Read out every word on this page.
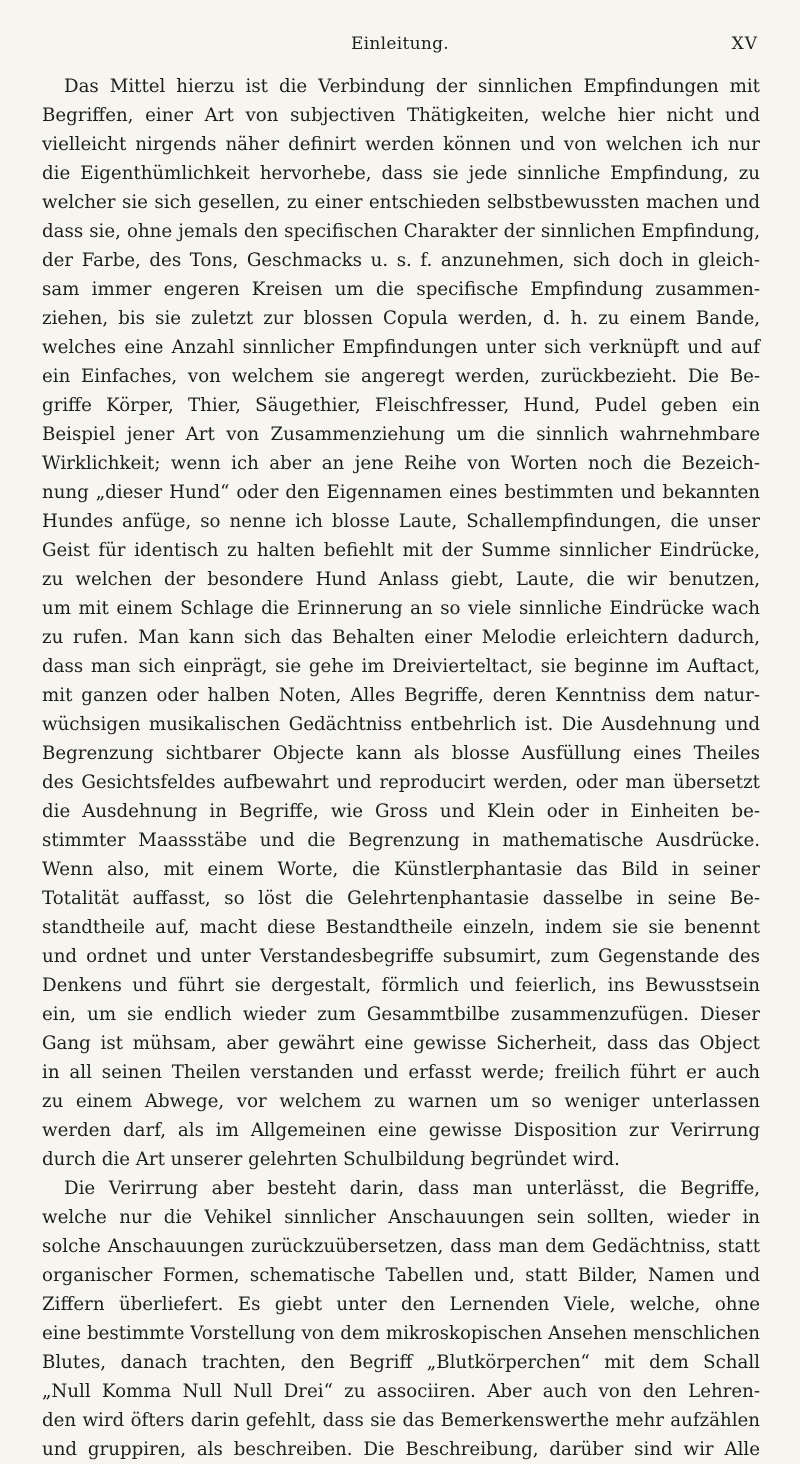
Einleitung.	XV
Das Mittel hierzu ist die Verbindung der sinnlichen Empfindungen mit
Begriffen, einer Art von subjectiven Thätigkeiten, welche hier nicht und
vielleicht nirgends näher definirt werden können und von welchen ich nur
die Eigenthümlichkeit hervorhebe, dass sie jede sinnliche Empfindung, zu
welcher sie sich gesellen, zu einer entschieden selbstbewussten machen und
dass sie, ohne jemals den specifischen Charakter der sinnlichen Empfindung,
der Farbe, des Tons, Geschmacks u. s. f. anzunehmen, sich doch in gleich-
sam immer engeren Kreisen um die specifische Empfindung zusammen-
ziehen, bis sie zuletzt zur blossen Copula werden, d. h. zu einem Bande,
welches eine Anzahl sinnlicher Empfindungen unter sich verknüpft und auf
ein Einfaches, von welchem sie angeregt werden, zurückbezieht. Die Be-
griffe Körper, Thier, Säugethier, Fleischfresser, Hund, Pudel geben ein
Beispiel jener Art von Zusammenziehung um die sinnlich wahrnehmbare
Wirklichkeit; wenn ich aber an jene Reihe von Worten noch die Bezeich-
nung „dieser Hund“ oder den Eigennamen eines bestimmten und bekannten
Hundes anfüge, so nenne ich blosse Laute, Schallempfindungen, die unser
Geist für identisch zu halten befiehlt mit der Summe sinnlicher Eindrücke,
zu welchen der besondere Hund Anlass giebt, Laute, die wir benutzen,
um mit einem Schlage die Erinnerung an so viele sinnliche Eindrücke wach
zu rufen. Man kann sich das Behalten einer Melodie erleichtern dadurch,
dass man sich einprägt, sie gehe im Dreivierteltact, sie beginne im Auftact,
mit ganzen oder halben Noten, Alles Begriffe, deren Kenntniss dem natur-
wüchsigen musikalischen Gedächtniss entbehrlich ist. Die Ausdehnung und
Begrenzung sichtbarer Objecte kann als blosse Ausfüllung eines Theiles
des Gesichtsfeldes aufbewahrt und reproducirt werden, oder man übersetzt
die Ausdehnung in Begriffe, wie Gross und Klein oder in Einheiten be-
stimmter Maassstäbe und die Begrenzung in mathematische Ausdrücke.
Wenn also, mit einem Worte, die Künstlerphantasie das Bild in seiner
Totalität auffasst, so löst die Gelehrtenphantasie dasselbe in seine Be-
standtheile auf, macht diese Bestandtheile einzeln, indem sie sie benennt
und ordnet und unter Verstandesbegriffe subsumirt, zum Gegenstande des
Denkens und führt sie dergestalt, förmlich und feierlich, ins Bewusstsein
ein, um sie endlich wieder zum Gesammtbilbe zusammenzufügen. Dieser
Gang ist mühsam, aber gewährt eine gewisse Sicherheit, dass das Object
in all seinen Theilen verstanden und erfasst werde; freilich führt er auch
zu einem Abwege, vor welchem zu warnen um so weniger unterlassen
werden darf, als im Allgemeinen eine gewisse Disposition zur Verirrung
durch die Art unserer gelehrten Schulbildung begründet wird.
Die Verirrung aber besteht darin, dass man unterlässt, die Begriffe,
welche nur die Vehikel sinnlicher Anschauungen sein sollten, wieder in
solche Anschauungen zurückzuübersetzen, dass man dem Gedächtniss, statt
organischer Formen, schematische Tabellen und, statt Bilder, Namen und
Ziffern überliefert. Es giebt unter den Lernenden Viele, welche, ohne
eine bestimmte Vorstellung von dem mikroskopischen Ansehen menschlichen
Blutes, danach trachten, den Begriff „Blutkörperchen“ mit dem Schall
„Null Komma Null Null Drei“ zu associiren. Aber auch von den Lehren-
den wird öfters darin gefehlt, dass sie das Bemerkenswerthe mehr aufzählen
und gruppiren, als beschreiben. Die Beschreibung, darüber sind wir Alle
